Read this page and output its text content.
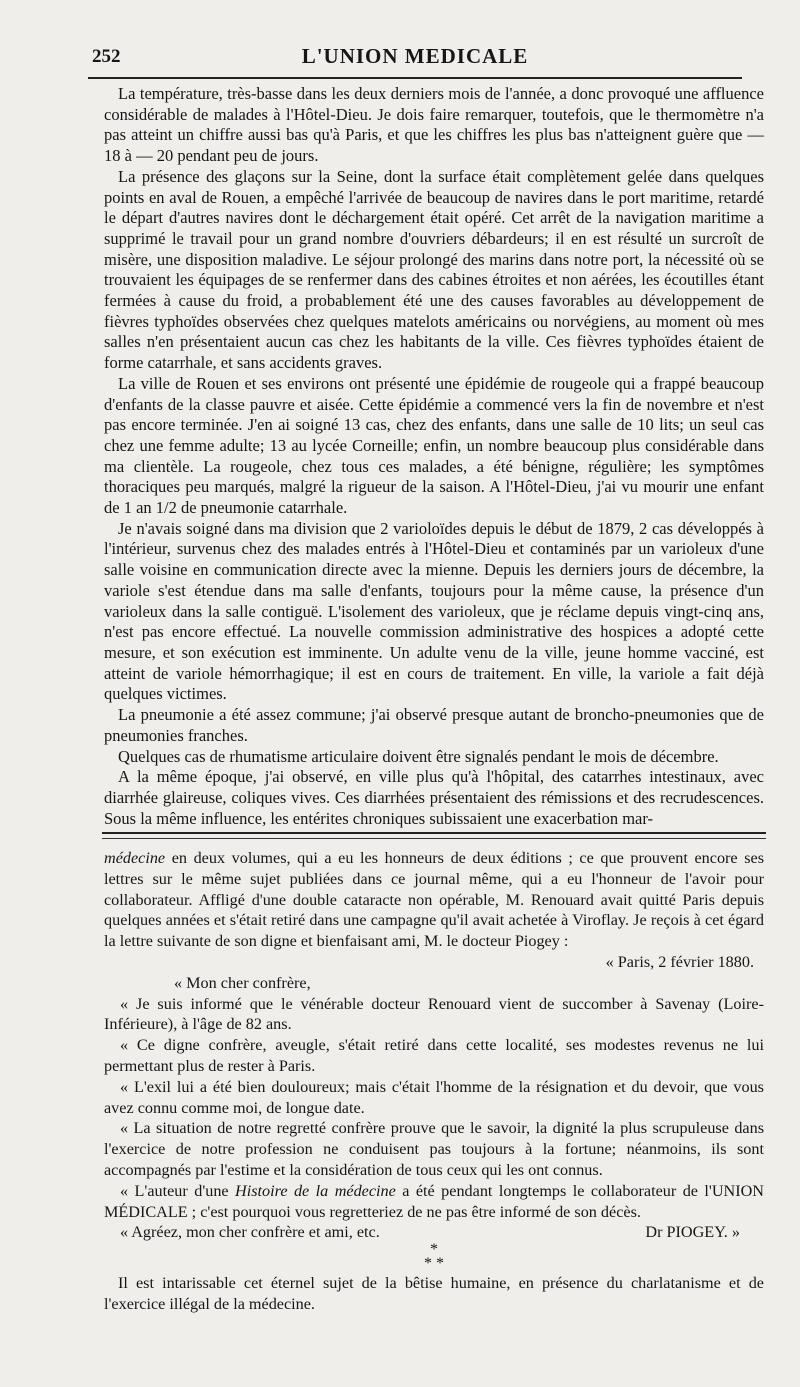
252	L'UNION MEDICALE

La température, très-basse dans les deux derniers mois de l'année, a donc provoqué une affluence considérable de malades à l'Hôtel-Dieu. Je dois faire remarquer, toutefois, que le thermomètre n'a pas atteint un chiffre aussi bas qu'à Paris, et que les chiffres les plus bas n'atteignent guère que — 18 à — 20 pendant peu de jours.

La présence des glaçons sur la Seine, dont la surface était complètement gelée dans quelques points en aval de Rouen, a empêché l'arrivée de beaucoup de navires dans le port maritime, retardé le départ d'autres navires dont le déchargement était opéré. Cet arrêt de la navigation maritime a supprimé le travail pour un grand nombre d'ouvriers débardeurs; il en est résulté un surcroît de misère, une disposition maladive. Le séjour prolongé des marins dans notre port, la nécessité où se trouvaient les équipages de se renfermer dans des cabines étroites et non aérées, les écoutilles étant fermées à cause du froid, a probablement été une des causes favorables au développement de fièvres typhoïdes observées chez quelques matelots américains ou norvégiens, au moment où mes salles n'en présentaient aucun cas chez les habitants de la ville. Ces fièvres typhoïdes étaient de forme catarrhale, et sans accidents graves.

La ville de Rouen et ses environs ont présenté une épidémie de rougeole qui a frappé beaucoup d'enfants de la classe pauvre et aisée. Cette épidémie a commencé vers la fin de novembre et n'est pas encore terminée. J'en ai soigné 13 cas, chez des enfants, dans une salle de 10 lits; un seul cas chez une femme adulte; 13 au lycée Corneille; enfin, un nombre beaucoup plus considérable dans ma clientèle. La rougeole, chez tous ces malades, a été bénigne, régulière; les symptômes thoraciques peu marqués, malgré la rigueur de la saison. A l'Hôtel-Dieu, j'ai vu mourir une enfant de 1 an 1/2 de pneumonie catarrhale.

Je n'avais soigné dans ma division que 2 varioloïdes depuis le début de 1879, 2 cas développés à l'intérieur, survenus chez des malades entrés à l'Hôtel-Dieu et contaminés par un varioleux d'une salle voisine en communication directe avec la mienne. Depuis les derniers jours de décembre, la variole s'est étendue dans ma salle d'enfants, toujours pour la même cause, la présence d'un varioleux dans la salle contiguë. L'isolement des varioleux, que je réclame depuis vingt-cinq ans, n'est pas encore effectué. La nouvelle commission administrative des hospices a adopté cette mesure, et son exécution est imminente. Un adulte venu de la ville, jeune homme vacciné, est atteint de variole hémorrhagique; il est en cours de traitement. En ville, la variole a fait déjà quelques victimes.

La pneumonie a été assez commune; j'ai observé presque autant de broncho-pneumonies que de pneumonies franches.

Quelques cas de rhumatisme articulaire doivent être signalés pendant le mois de décembre.

A la même époque, j'ai observé, en ville plus qu'à l'hôpital, des catarrhes intestinaux, avec diarrhée glaireuse, coliques vives. Ces diarrhées présentaient des rémissions et des recrudescences. Sous la même influence, les entérites chroniques subissaient une exacerbation mar-

médecine en deux volumes, qui a eu les honneurs de deux éditions ; ce que prouvent encore ses lettres sur le même sujet publiées dans ce journal même, qui a eu l'honneur de l'avoir pour collaborateur. Affligé d'une double cataracte non opérable, M. Renouard avait quitté Paris depuis quelques années et s'était retiré dans une campagne qu'il avait achetée à Viroflay. Je reçois à cet égard la lettre suivante de son digne et bienfaisant ami, M. le docteur Piogey :

« Paris, 2 février 1880.

« Mon cher confrère,

« Je suis informé que le vénérable docteur Renouard vient de succomber à Savenay (Loire-Inférieure), à l'âge de 82 ans.

« Ce digne confrère, aveugle, s'était retiré dans cette localité, ses modestes revenus ne lui permettant plus de rester à Paris.

« L'exil lui a été bien douloureux; mais c'était l'homme de la résignation et du devoir, que vous avez connu comme moi, de longue date.

« La situation de notre regretté confrère prouve que le savoir, la dignité la plus scrupuleuse dans l'exercice de notre profession ne conduisent pas toujours à la fortune; néanmoins, ils sont accompagnés par l'estime et la considération de tous ceux qui les ont connus.

« L'auteur d'une Histoire de la médecine a été pendant longtemps le collaborateur de l'UNION MÉDICALE ; c'est pourquoi vous regretteriez de ne pas être informé de son décès.

« Agréez, mon cher confrère et ami, etc.	Dr PIOGEY. »

*

* *

Il est intarissable cet éternel sujet de la bêtise humaine, en présence du charlatanisme et de l'exercice illégal de la médecine.
